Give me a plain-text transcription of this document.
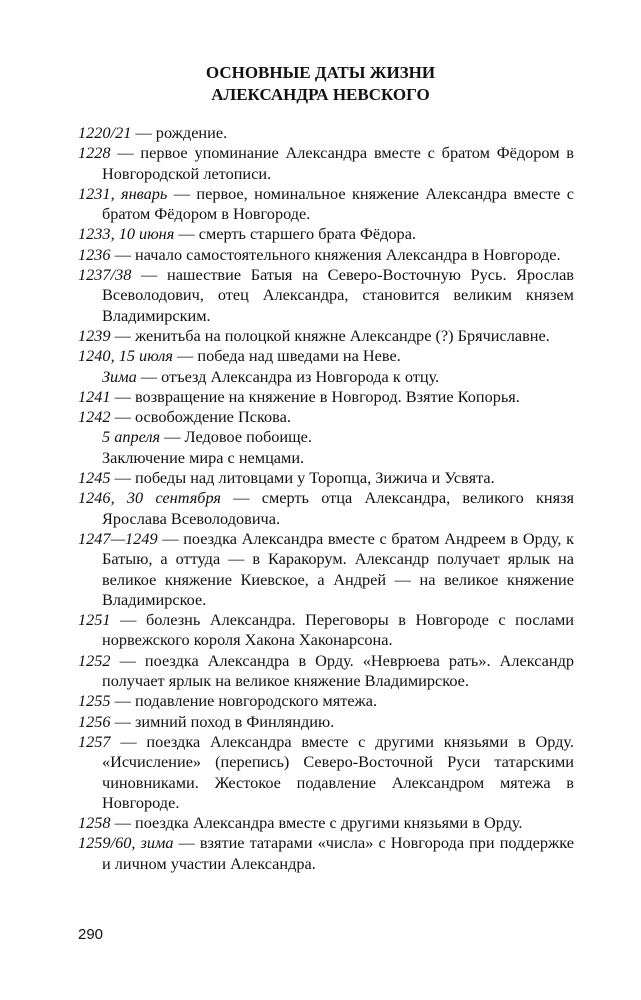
ОСНОВНЫЕ ДАТЫ ЖИЗНИ
АЛЕКСАНДРА НЕВСКОГО

1220/21 — рождение.

1228 — первое упоминание Александра вместе с братом Фёдором в Новгородской летописи.

1231, январь — первое, номинальное княжение Александра вместе с братом Фёдором в Новгороде.

1233, 10 июня — смерть старшего брата Фёдора.

1236 — начало самостоятельного княжения Александра в Новгороде.

1237/38 — нашествие Батыя на Северо-Восточную Русь. Ярослав Всеволодович, отец Александра, становится великим князем Владимирским.

1239 — женитьба на полоцкой княжне Александре (?) Брячиславне.

1240, 15 июля — победа над шведами на Неве.

Зима — отъезд Александра из Новгорода к отцу.

1241 — возвращение на княжение в Новгород. Взятие Копорья.

1242 — освобождение Пскова.

5 апреля — Ледовое побоище.

Заключение мира с немцами.

1245 — победы над литовцами у Торопца, Зижича и Усвята.

1246, 30 сентября — смерть отца Александра, великого князя Ярослава Всеволодовича.

1247—1249 — поездка Александра вместе с братом Андреем в Орду, к Батыю, а оттуда — в Каракорум. Александр получает ярлык на великое княжение Киевское, а Андрей — на великое княжение Владимирское.

1251 — болезнь Александра. Переговоры в Новгороде с послами норвежского короля Хакона Хаконарсона.

1252 — поездка Александра в Орду. «Неврюева рать». Александр получает ярлык на великое княжение Владимирское.

1255 — подавление новгородского мятежа.

1256 — зимний поход в Финляндию.

1257 — поездка Александра вместе с другими князьями в Орду. «Исчисление» (перепись) Северо-Восточной Руси татарскими чиновниками. Жестокое подавление Александром мятежа в Новгороде.

1258 — поездка Александра вместе с другими князьями в Орду.

1259/60, зима — взятие татарами «числа» с Новгорода при поддержке и личном участии Александра.

290
